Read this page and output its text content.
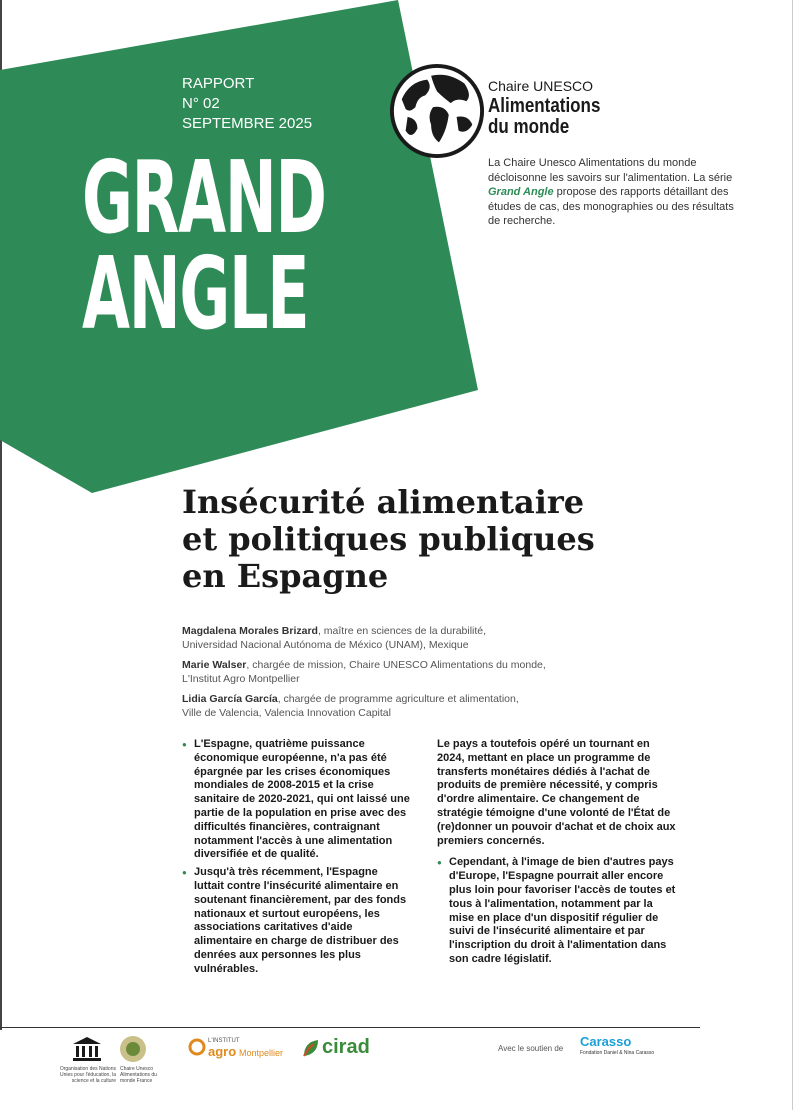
RAPPORT
N° 02
SEPTEMBRE 2025
GRAND
ANGLE
Chaire UNESCO
Alimentations
du monde
La Chaire Unesco Alimentations du monde décloisonne les savoirs sur l'alimentation. La série Grand Angle propose des rapports détaillant des études de cas, des monographies ou des résultats de recherche.
Insécurité alimentaire
et politiques publiques
en Espagne
Magdalena Morales Brizard, maître en sciences de la durabilité,
Universidad Nacional Autónoma de México (UNAM), Mexique
Marie Walser, chargée de mission, Chaire UNESCO Alimentations du monde,
L'Institut Agro Montpellier
Lidia García García, chargée de programme agriculture et alimentation,
Ville de Valencia, Valencia Innovation Capital
● L'Espagne, quatrième puissance économique européenne, n'a pas été épargnée par les crises économiques mondiales de 2008-2015 et la crise sanitaire de 2020-2021, qui ont laissé une partie de la population en prise avec des difficultés financières, contraignant notamment l'accès à une alimentation diversifiée et de qualité.
● Jusqu'à très récemment, l'Espagne luttait contre l'insécurité alimentaire en soutenant financièrement, par des fonds nationaux et surtout européens, les associations caritatives d'aide alimentaire en charge de distribuer des denrées aux personnes les plus vulnérables.
Le pays a toutefois opéré un tournant en 2024, mettant en place un programme de transferts monétaires dédiés à l'achat de produits de première nécessité, y compris d'ordre alimentaire. Ce changement de stratégie témoigne d'une volonté de l'État de (re)donner un pouvoir d'achat et de choix aux premiers concernés.
● Cependant, à l'image de bien d'autres pays d'Europe, l'Espagne pourrait aller encore plus loin pour favoriser l'accès de toutes et tous à l'alimentation, notamment par la mise en place d'un dispositif régulier de suivi de l'insécurité alimentaire et par l'inscription du droit à l'alimentation dans son cadre législatif.
Organisation des Nations Unies pour l'éducation, la science et la culture
Chaire Unesco Alimentations du monde France
L'INSTITUT
agro Montpellier cirad	Avec le soutien de Carasso
Fondation Daniel & Nina Carasso
